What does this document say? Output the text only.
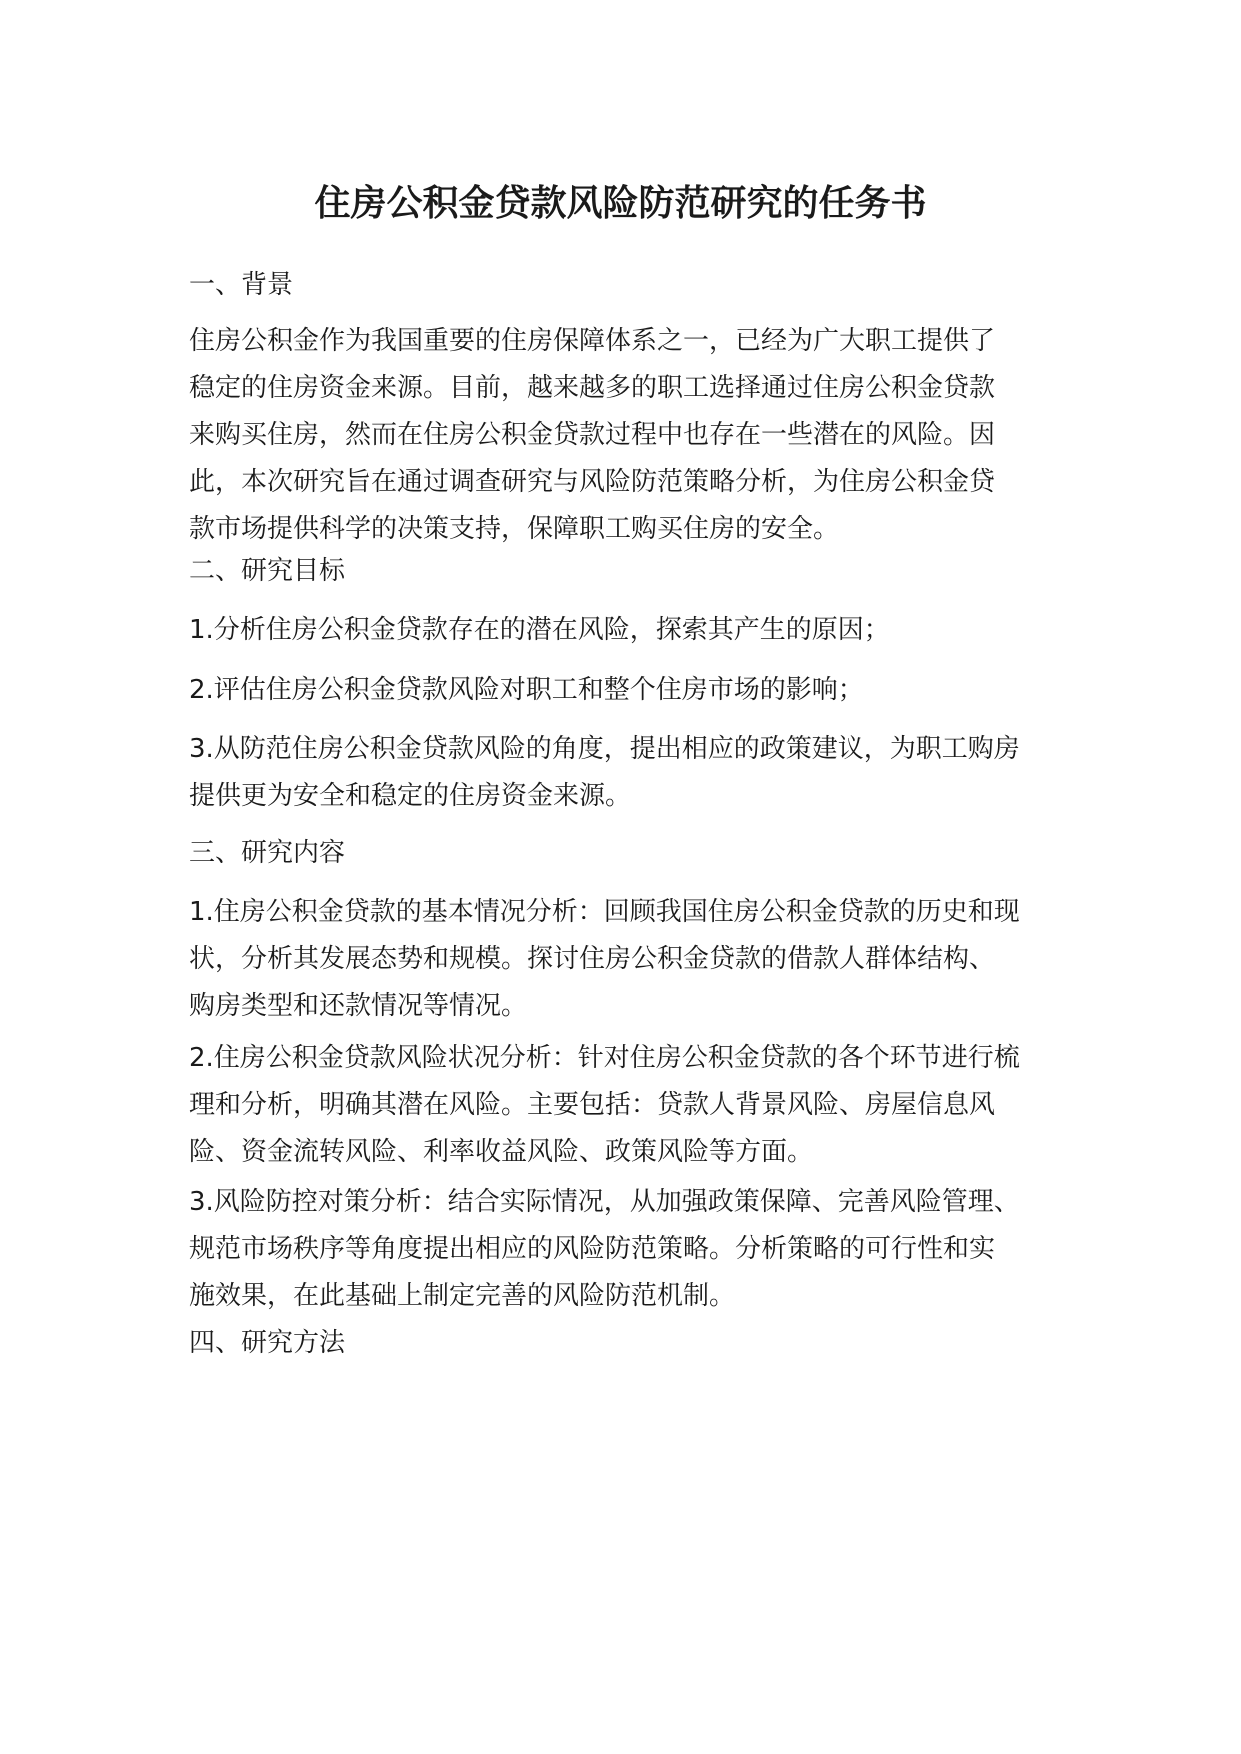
住房公积金贷款风险防范研究的任务书

一、背景

住房公积金作为我国重要的住房保障体系之一，已经为广大职工提供了
稳定的住房资金来源。目前，越来越多的职工选择通过住房公积金贷款
来购买住房，然而在住房公积金贷款过程中也存在一些潜在的风险。因
此，本次研究旨在通过调查研究与风险防范策略分析，为住房公积金贷
款市场提供科学的决策支持，保障职工购买住房的安全。

二、研究目标

1.分析住房公积金贷款存在的潜在风险，探索其产生的原因；

2.评估住房公积金贷款风险对职工和整个住房市场的影响；

3.从防范住房公积金贷款风险的角度，提出相应的政策建议，为职工购房
提供更为安全和稳定的住房资金来源。

三、研究内容

1.住房公积金贷款的基本情况分析：回顾我国住房公积金贷款的历史和现
状，分析其发展态势和规模。探讨住房公积金贷款的借款人群体结构、
购房类型和还款情况等情况。

2.住房公积金贷款风险状况分析：针对住房公积金贷款的各个环节进行梳
理和分析，明确其潜在风险。主要包括：贷款人背景风险、房屋信息风
险、资金流转风险、利率收益风险、政策风险等方面。

3.风险防控对策分析：结合实际情况，从加强政策保障、完善风险管理、
规范市场秩序等角度提出相应的风险防范策略。分析策略的可行性和实
施效果，在此基础上制定完善的风险防范机制。

四、研究方法
